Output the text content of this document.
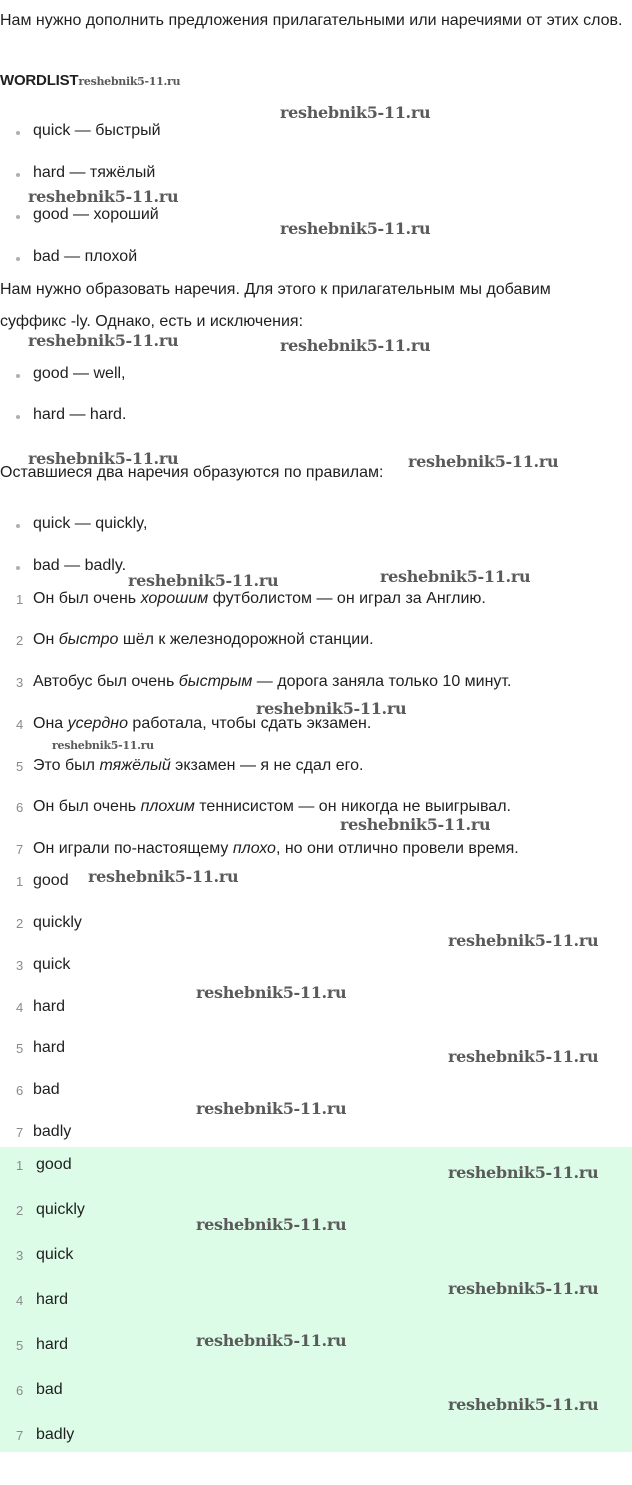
Нам нужно дополнить предложения прилагательными или наречиями от этих слов.
WORDLISTreshebnik5-11.ru
quick — быстрый
hard — тяжёлый
good — хороший
bad — плохой
Нам нужно образовать наречия. Для этого к прилагательным мы добавим
суффикс -ly. Однако, есть и исключения:
good — well,
hard — hard.
Оставшиеся два наречия образуются по правилам:
quick — quickly,
bad — badly.
1 Он был очень хорошим футболистом — он играл за Англию.
2 Он быстро шёл к железнодорожной станции.
3 Автобус был очень быстрым — дорога заняла только 10 минут.
4 Она усердно работала, чтобы сдать экзамен.
5 Это был тяжёлый экзамен — я не сдал его.
6 Он был очень плохим теннисистом — он никогда не выигрывал.
7 Он играли по-настоящему плохо, но они отлично провели время.
1 good
2 quickly
3 quick
4 hard
5 hard
6 bad
7 badly
1 good
2 quickly
3 quick
4 hard
5 hard
6 bad
7 badly
reshebnik5-11.ru
reshebnik5-11.ru
reshebnik5-11.ru
reshebnik5-11.ru	reshebnik5-11.ru
reshebnik5-11.ru	reshebnik5-11.ru
reshebnik5-11.ru	reshebnik5-11.ru
reshebnik5-11.ru
reshebnik5-11.ru
reshebnik5-11.ru
reshebnik5-11.ru
reshebnik5-11.ru
reshebnik5-11.ru
reshebnik5-11.ru
reshebnik5-11.ru
reshebnik5-11.ru
reshebnik5-11.ru
reshebnik5-11.ru
reshebnik5-11.ru
reshebnik5-11.ru
